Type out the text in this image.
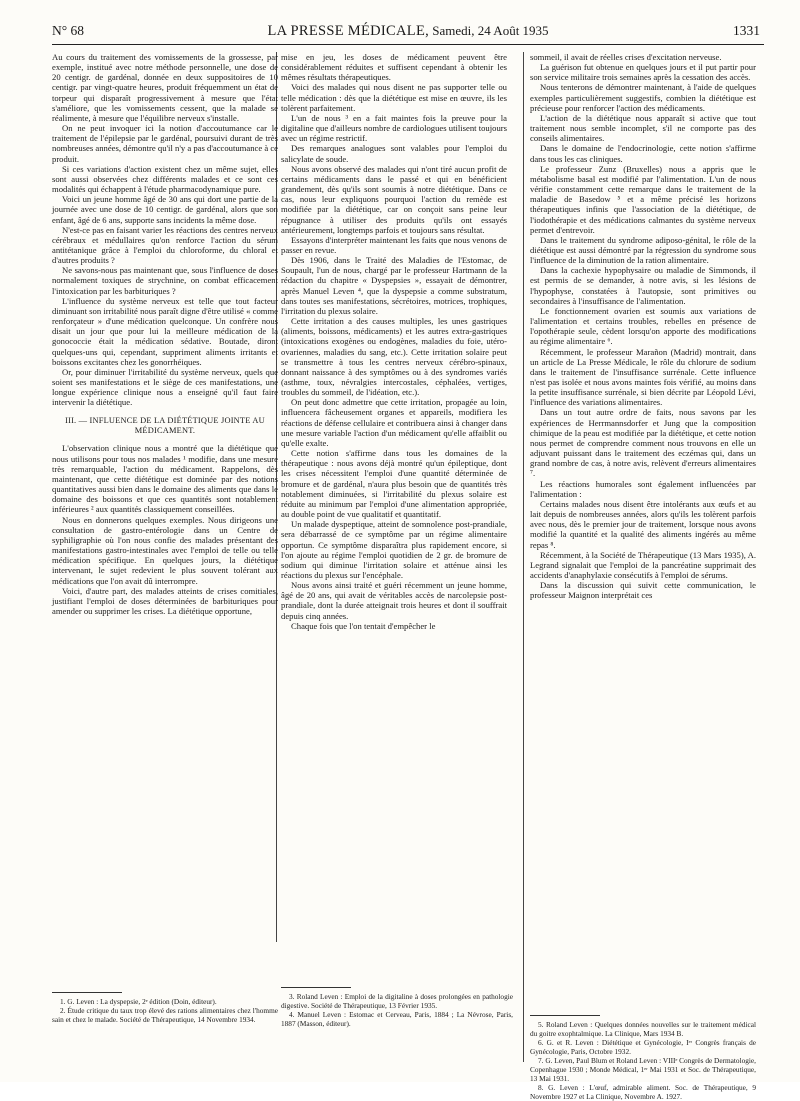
N° 68	LA PRESSE MÉDICALE, Samedi, 24 Août 1935	1331

Au cours du traitement des vomissements de la grossesse, par exemple, institué avec notre méthode personnelle, une dose de 20 centigr. de gardénal, donnée en deux suppositoires de 10 centigr. par vingt-quatre heures, produit fréquemment un état de torpeur qui disparaît progressivement à mesure que l'état s'améliore, que les vomissements cessent, que la malade se réalimente, à mesure que l'équilibre nerveux s'installe.

On ne peut invoquer ici la notion d'accoutumance car le traitement de l'épilepsie par le gardénal, poursuivi durant de très nombreuses années, démontre qu'il n'y a pas d'accoutumance à ce produit.

Si ces variations d'action existent chez un même sujet, elles sont aussi observées chez différents malades et ce sont ces modalités qui échappent à l'étude pharmacodynamique pure.

Voici un jeune homme âgé de 30 ans qui dort une partie de la journée avec une dose de 10 centigr. de gardénal, alors que son enfant, âgé de 6 ans, supporte sans incidents la même dose.

N'est-ce pas en faisant varier les réactions des centres nerveux cérébraux et médullaires qu'on renforce l'action du sérum antitétanique grâce à l'emploi du chloroforme, du chloral et d'autres produits ?

Ne savons-nous pas maintenant que, sous l'influence de doses normalement toxiques de strychnine, on combat efficacement l'intoxication par les barbituriques ?

L'influence du système nerveux est telle que tout facteur diminuant son irritabilité nous paraît digne d'être utilisé « comme renforçateur » d'une médication quelconque. Un confrère nous disait un jour que pour lui la meilleure médication de la gonococcie était la médication sédative. Boutade, diront quelques-uns qui, cependant, suppriment aliments irritants et boissons excitantes chez les gonorrhéiques.

Or, pour diminuer l'irritabilité du système nerveux, quels que soient ses manifestations et le siège de ces manifestations, une longue expérience clinique nous a enseigné qu'il faut faire intervenir la diététique.

III. — INFLUENCE DE LA DIÉTÉTIQUE JOINTE AU MÉDICAMENT.

L'observation clinique nous a montré que la diététique que nous utilisons pour tous nos malades ¹ modifie, dans une mesure très remarquable, l'action du médicament. Rappelons, dès maintenant, que cette diététique est dominée par des notions quantitatives aussi bien dans le domaine des aliments que dans le domaine des boissons et que ces quantités sont notablement inférieures ² aux quantités classiquement conseillées.

Nous en donnerons quelques exemples. Nous dirigeons une consultation de gastro-entérologie dans un Centre de syphiligraphie où l'on nous confie des malades présentant des manifestations gastro-intestinales avec l'emploi de telle ou telle médication spécifique. En quelques jours, la diététique intervenant, le sujet redevient le plus souvent tolérant aux médications que l'on avait dû interrompre.

Voici, d'autre part, des malades atteints de crises comitiales, justifiant l'emploi de doses déterminées de barbituriques pour amender ou supprimer les crises. La diététique opportune,

mise en jeu, les doses de médicament peuvent être considérablement réduites et suffisent cependant à obtenir les mêmes résultats thérapeutiques.

Voici des malades qui nous disent ne pas supporter telle ou telle médication : dès que la diététique est mise en œuvre, ils les tolèrent parfaitement.

L'un de nous ³ en a fait maintes fois la preuve pour la digitaline que d'ailleurs nombre de cardiologues utilisent toujours avec un régime restrictif.

Des remarques analogues sont valables pour l'emploi du salicylate de soude.

Nous avons observé des malades qui n'ont tiré aucun profit de certains médicaments dans le passé et qui en bénéficient grandement, dès qu'ils sont soumis à notre diététique. Dans ce cas, nous leur expliquons pourquoi l'action du remède est modifiée par la diététique, car on conçoit sans peine leur répugnance à utiliser des produits qu'ils ont essayés antérieurement, longtemps parfois et toujours sans résultat.

Essayons d'interpréter maintenant les faits que nous venons de passer en revue.

Dès 1906, dans le Traité des Maladies de l'Estomac, de Soupault, l'un de nous, chargé par le professeur Hartmann de la rédaction du chapitre « Dyspepsies », essayait de démontrer, après Manuel Leven ⁴, que la dyspepsie a comme substratum, dans toutes ses manifestations, sécrétoires, motrices, trophiques, l'irritation du plexus solaire.

Cette irritation a des causes multiples, les unes gastriques (aliments, boissons, médicaments) et les autres extra-gastriques (intoxications exogènes ou endogènes, maladies du foie, utéro-ovariennes, maladies du sang, etc.). Cette irritation solaire peut se transmettre à tous les centres nerveux cérébro-spinaux, donnant naissance à des symptômes ou à des syndromes variés (asthme, toux, névralgies intercostales, céphalées, vertiges, troubles du sommeil, de l'idéation, etc.).

On peut donc admettre que cette irritation, propagée au loin, influencera fâcheusement organes et appareils, modifiera les réactions de défense cellulaire et contribuera ainsi à changer dans une mesure variable l'action d'un médicament qu'elle affaiblit ou qu'elle exalte.

Cette notion s'affirme dans tous les domaines de la thérapeutique : nous avons déjà montré qu'un épileptique, dont les crises nécessitent l'emploi d'une quantité déterminée de bromure et de gardénal, n'aura plus besoin que de quantités très notablement diminuées, si l'irritabilité du plexus solaire est réduite au minimum par l'emploi d'une alimentation appropriée, au double point de vue qualitatif et quantitatif.

Un malade dyspeptique, atteint de somnolence post-prandiale, sera débarrassé de ce symptôme par un régime alimentaire opportun. Ce symptôme disparaîtra plus rapidement encore, si l'on ajoute au régime l'emploi quotidien de 2 gr. de bromure de sodium qui diminue l'irritation solaire et atténue ainsi les réactions du plexus sur l'encéphale.

Nous avons ainsi traité et guéri récemment un jeune homme, âgé de 20 ans, qui avait de véritables accès de narcolepsie post-prandiale, dont la durée atteignait trois heures et dont il souffrait depuis cinq années.

Chaque fois que l'on tentait d'empêcher le

sommeil, il avait de réelles crises d'excitation nerveuse.

La guérison fut obtenue en quelques jours et il put partir pour son service militaire trois semaines après la cessation des accès.

Nous tenterons de démontrer maintenant, à l'aide de quelques exemples particulièrement suggestifs, combien la diététique est précieuse pour renforcer l'action des médicaments.

L'action de la diététique nous apparaît si active que tout traitement nous semble incomplet, s'il ne comporte pas des conseils alimentaires.

Dans le domaine de l'endocrinologie, cette notion s'affirme dans tous les cas cliniques.

Le professeur Zunz (Bruxelles) nous a appris que le métabolisme basal est modifié par l'alimentation. L'un de nous vérifie constamment cette remarque dans le traitement de la maladie de Basedow ⁵ et a même précisé les horizons thérapeutiques infinis que l'association de la diététique, de l'iodothérapie et des médications calmantes du système nerveux permet d'entrevoir.

Dans le traitement du syndrome adiposo-génital, le rôle de la diététique est aussi démontré par la régression du syndrome sous l'influence de la diminution de la ration alimentaire.

Dans la cachexie hypophysaire ou maladie de Simmonds, il est permis de se demander, à notre avis, si les lésions de l'hypophyse, constatées à l'autopsie, sont primitives ou secondaires à l'insuffisance de l'alimentation.

Le fonctionnement ovarien est soumis aux variations de l'alimentation et certains troubles, rebelles en présence de l'opothérapie seule, cèdent lorsqu'on apporte des modifications au régime alimentaire ⁶.

Récemment, le professeur Marañon (Madrid) montrait, dans un article de La Presse Médicale, le rôle du chlorure de sodium dans le traitement de l'insuffisance surrénale. Cette influence n'est pas isolée et nous avons maintes fois vérifié, au moins dans la petite insuffisance surrénale, si bien décrite par Léopold Lévi, l'influence des variations alimentaires.

Dans un tout autre ordre de faits, nous savons par les expériences de Herrmannsdorfer et Jung que la composition chimique de la peau est modifiée par la diététique, et cette notion nous permet de comprendre comment nous trouvons en elle un adjuvant puissant dans le traitement des eczémas qui, dans un grand nombre de cas, à notre avis, relèvent d'erreurs alimentaires ⁷.

Les réactions humorales sont également influencées par l'alimentation :

Certains malades nous disent être intolérants aux œufs et au lait depuis de nombreuses années, alors qu'ils les tolèrent parfois avec nous, dès le premier jour de traitement, lorsque nous avons modifié la quantité et la qualité des aliments ingérés au même repas ⁸.

Récemment, à la Société de Thérapeutique (13 Mars 1935), A. Legrand signalait que l'emploi de la pancréatine supprimait des accidents d'anaphylaxie consécutifs à l'emploi de sérums.

Dans la discussion qui suivit cette communication, le professeur Maignon interprétait ces

1. G. Leven : La dyspepsie, 2ᵉ édition (Doin, éditeur).

2. Étude critique du taux trop élevé des rations alimentaires chez l'homme sain et chez le malade. Société de Thérapeutique, 14 Novembre 1934.

3. Roland Leven : Emploi de la digitaline à doses prolongées en pathologie digestive. Société de Thérapeutique, 13 Février 1935.

4. Manuel Leven : Estomac et Cerveau, Paris, 1884 ; La Névrose, Paris, 1887 (Masson, éditeur).	5. Roland Leven : Quelques données nouvelles sur le traitement médical du goitre exophtalmique. La Clinique, Mars 1934 B.

6. G. et R. Leven : Diététique et Gynécologie, Iᵉʳ Congrès français de Gynécologie, Paris, Octobre 1932.

7. G. Leven, Paul Blum et Roland Leven : VIIIᵉ Congrès de Dermatologie, Copenhague 1930 ; Monde Médical, 1ᵉʳ Mai 1931 et Soc. de Thérapeutique, 13 Mai 1931.

8. G. Leven : L'œuf, admirable aliment. Soc. de Thérapeutique, 9 Novembre 1927 et La Clinique, Novembre A. 1927.
